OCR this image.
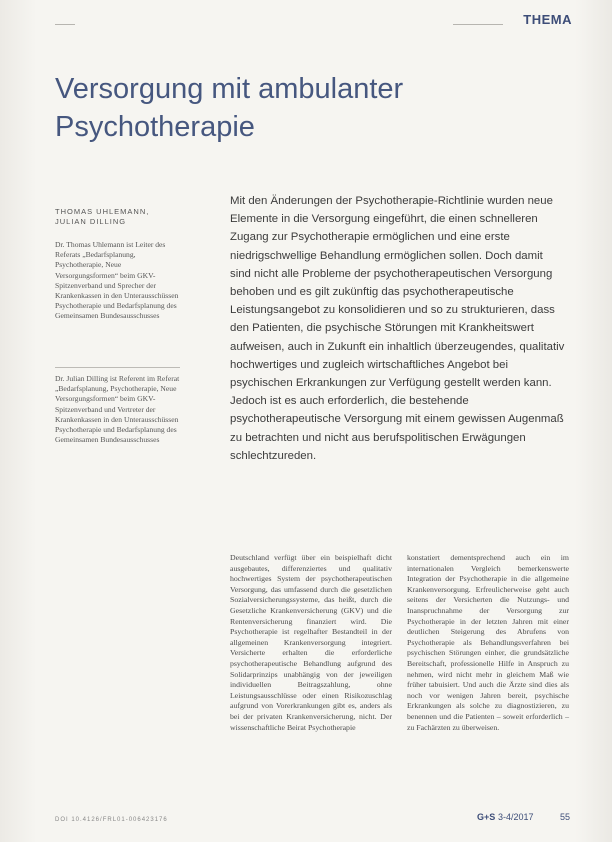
THEMA
Versorgung mit ambulanter
Psychotherapie
THOMAS UHLEMANN,
JULIAN DILLING
Dr. Thomas Uhlemann ist Leiter des Referats „Bedarfsplanung, Psychotherapie, Neue Versorgungsformen“ beim GKV-Spitzenverband und Sprecher der Krankenkassen in den Unterausschüssen Psychotherapie und Bedarfsplanung des Gemeinsamen Bundesausschusses
Dr. Julian Dilling ist Referent im Referat „Bedarfsplanung, Psychotherapie, Neue Versorgungsformen“ beim GKV-Spitzenverband und Vertreter der Krankenkassen in den Unterausschüssen Psychotherapie und Bedarfsplanung des Gemeinsamen Bundesausschusses
Mit den Änderungen der Psychotherapie-Richtlinie wurden neue Elemente in die Versorgung eingeführt, die einen schnelleren Zugang zur Psychotherapie ermöglichen und eine erste niedrigschwellige Behandlung ermöglichen sollen. Doch damit sind nicht alle Probleme der psychotherapeutischen Versorgung behoben und es gilt zukünftig das psychotherapeutische Leistungsangebot zu konsolidieren und so zu strukturieren, dass den Patienten, die psychische Störungen mit Krankheitswert aufweisen, auch in Zukunft ein inhaltlich überzeugendes, qualitativ hochwertiges und zugleich wirtschaftliches Angebot bei psychischen Erkrankungen zur Verfügung gestellt werden kann. Jedoch ist es auch erforderlich, die bestehende psychotherapeutische Versorgung mit einem gewissen Augenmaß zu betrachten und nicht aus berufspolitischen Erwägungen schlechtzureden.

Deutschland verfügt über ein beispielhaft dicht ausgebautes, differenziertes und qualitativ hochwertiges System der psychotherapeutischen Versorgung, das umfassend durch die gesetzlichen Sozialversicherungssysteme, das heißt, durch die Gesetzliche Krankenversicherung (GKV) und die Rentenversicherung finanziert wird. Die Psychotherapie ist regelhafter Bestandteil in der allgemeinen Krankenversorgung integriert. Versicherte erhalten die erforderliche psychotherapeutische Behandlung aufgrund des Solidarprinzips unabhängig von der jeweiligen individuellen Beitragszahlung, ohne Leistungsausschlüsse oder einen Risikozuschlag aufgrund von Vorerkrankungen gibt es, anders als bei der privaten Krankenversicherung, nicht. Der wissenschaftliche Beirat Psychotherapie

konstatiert dementsprechend auch ein im internationalen Vergleich bemerkenswerte Integration der Psychotherapie in die allgemeine Krankenversorgung. Erfreulicherweise geht auch seitens der Versicherten die Nutzungs- und Inanspruchnahme der Versorgung zur Psychotherapie in der letzten Jahren mit einer deutlichen Steigerung des Abrufens von Psychotherapie als Behandlungsverfahren bei psychischen Störungen einher, die grundsätzliche Bereitschaft, professionelle Hilfe in Anspruch zu nehmen, wird nicht mehr in gleichem Maß wie früher tabuisiert. Und auch die Ärzte sind dies als noch vor wenigen Jahren bereit, psychische Erkrankungen als solche zu diagnostizieren, zu benennen und die Patienten – soweit erforderlich – zu Fachärzten zu überweisen.

DOI 10.4126/FRL01-006423176	G+S 3-4/2017	55
